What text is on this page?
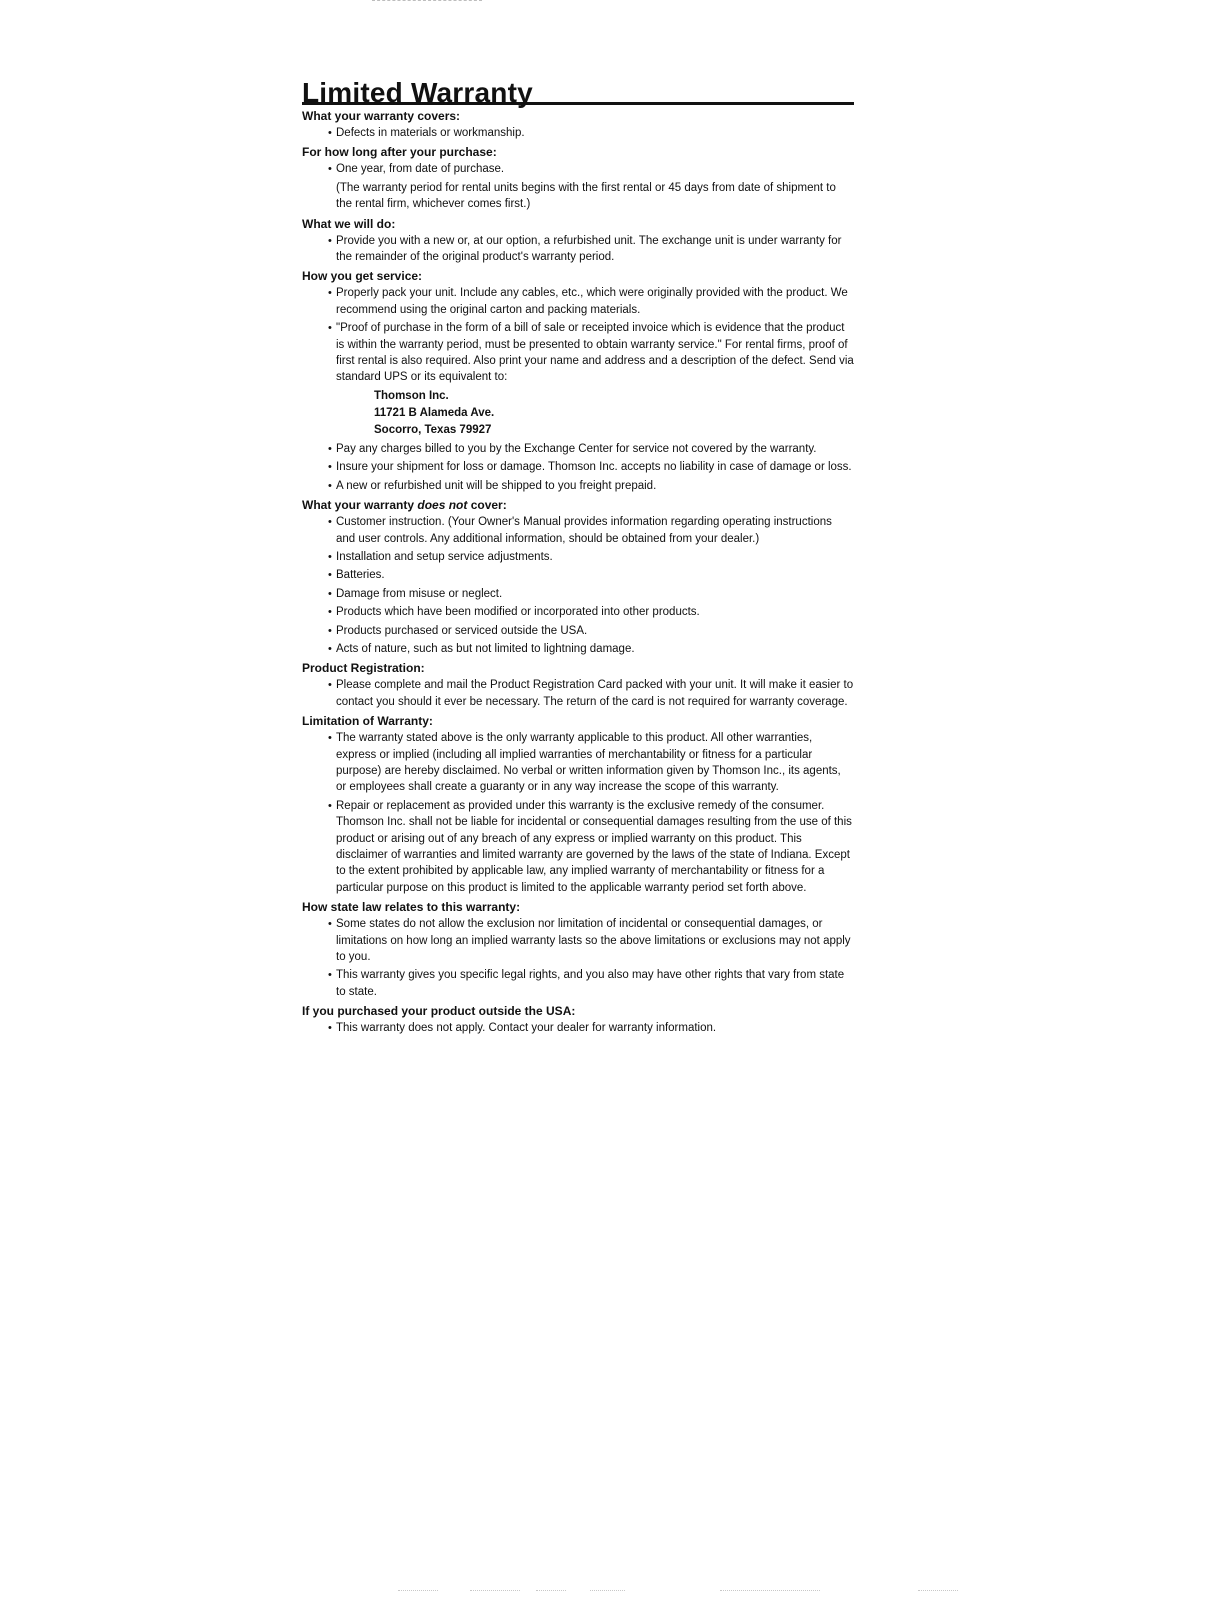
Limited Warranty
What your warranty covers:
• Defects in materials or workmanship.
For how long after your purchase:
• One year, from date of purchase.
(The warranty period for rental units begins with the first rental or 45 days from date of shipment to the rental firm, whichever comes first.)
What we will do:
• Provide you with a new or, at our option, a refurbished unit. The exchange unit is under warranty for the remainder of the original product's warranty period.
How you get service:
• Properly pack your unit. Include any cables, etc., which were originally provided with the product. We recommend using the original carton and packing materials.
• "Proof of purchase in the form of a bill of sale or receipted invoice which is evidence that the product is within the warranty period, must be presented to obtain warranty service." For rental firms, proof of first rental is also required. Also print your name and address and a description of the defect. Send via standard UPS or its equivalent to:
Thomson Inc.
11721 B Alameda Ave.
Socorro, Texas 79927
• Pay any charges billed to you by the Exchange Center for service not covered by the warranty.
• Insure your shipment for loss or damage. Thomson Inc. accepts no liability in case of damage or loss.
• A new or refurbished unit will be shipped to you freight prepaid.
What your warranty does not cover:
• Customer instruction. (Your Owner's Manual provides information regarding operating instructions and user controls. Any additional information, should be obtained from your dealer.)
• Installation and setup service adjustments.
• Batteries.
• Damage from misuse or neglect.
• Products which have been modified or incorporated into other products.
• Products purchased or serviced outside the USA.
• Acts of nature, such as but not limited to lightning damage.
Product Registration:
• Please complete and mail the Product Registration Card packed with your unit. It will make it easier to contact you should it ever be necessary. The return of the card is not required for warranty coverage.
Limitation of Warranty:
• The warranty stated above is the only warranty applicable to this product. All other warranties, express or implied (including all implied warranties of merchantability or fitness for a particular purpose) are hereby disclaimed. No verbal or written information given by Thomson Inc., its agents, or employees shall create a guaranty or in any way increase the scope of this warranty.
• Repair or replacement as provided under this warranty is the exclusive remedy of the consumer. Thomson Inc. shall not be liable for incidental or consequential damages resulting from the use of this product or arising out of any breach of any express or implied warranty on this product. This disclaimer of warranties and limited warranty are governed by the laws of the state of Indiana. Except to the extent prohibited by applicable law, any implied warranty of merchantability or fitness for a particular purpose on this product is limited to the applicable warranty period set forth above.
How state law relates to this warranty:
• Some states do not allow the exclusion nor limitation of incidental or consequential damages, or limitations on how long an implied warranty lasts so the above limitations or exclusions may not apply to you.
• This warranty gives you specific legal rights, and you also may have other rights that vary from state to state.
If you purchased your product outside the USA:
• This warranty does not apply. Contact your dealer for warranty information.
